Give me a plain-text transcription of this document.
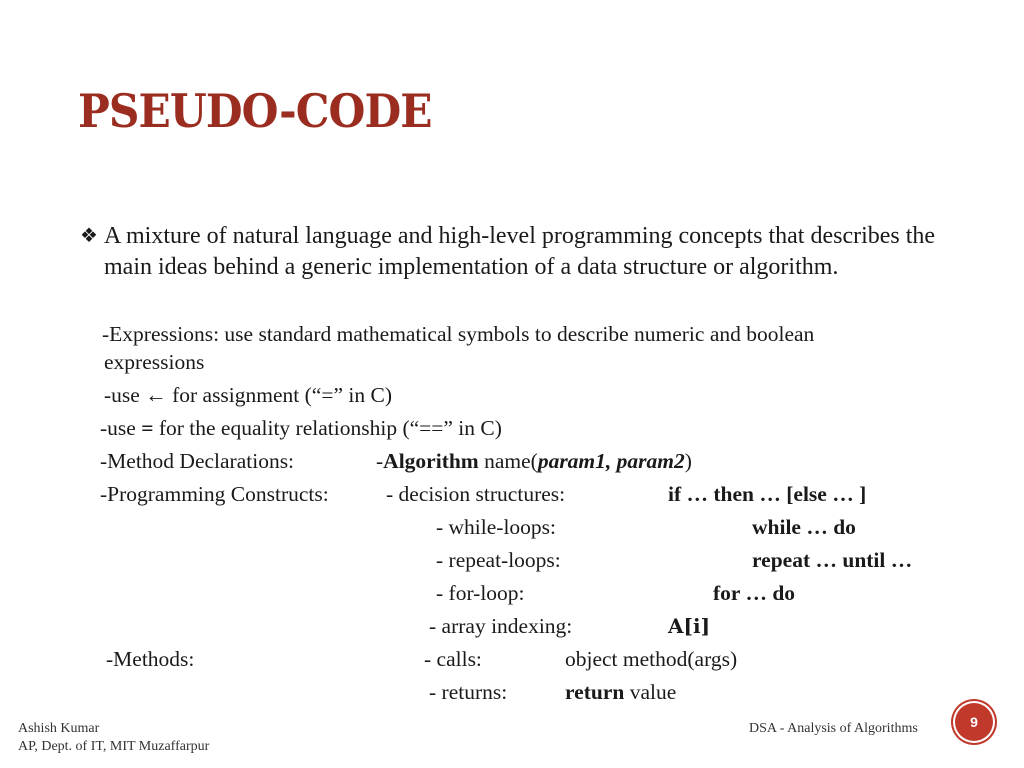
PSEUDO-CODE
❖ A mixture of natural language and high-level programming concepts that describes the main ideas behind a generic implementation of a data structure or algorithm.
-Expressions: use standard mathematical symbols to describe numeric and boolean
expressions
-use ← for assignment (“=” in C)
-use = for the equality relationship (“==” in C)
-Method Declarations:	-Algorithm name(param1, param2)
-Programming Constructs:	- decision structures:	if … then … [else … ]
- while-loops:	while … do
- repeat-loops:	repeat … until …
- for-loop:	for … do
- array indexing:	A[i]
-Methods:	- calls:	object method(args)
- returns:	return value
Ashish Kumar
AP, Dept. of IT, MIT Muzaffarpur
DSA - Analysis of Algorithms	9
